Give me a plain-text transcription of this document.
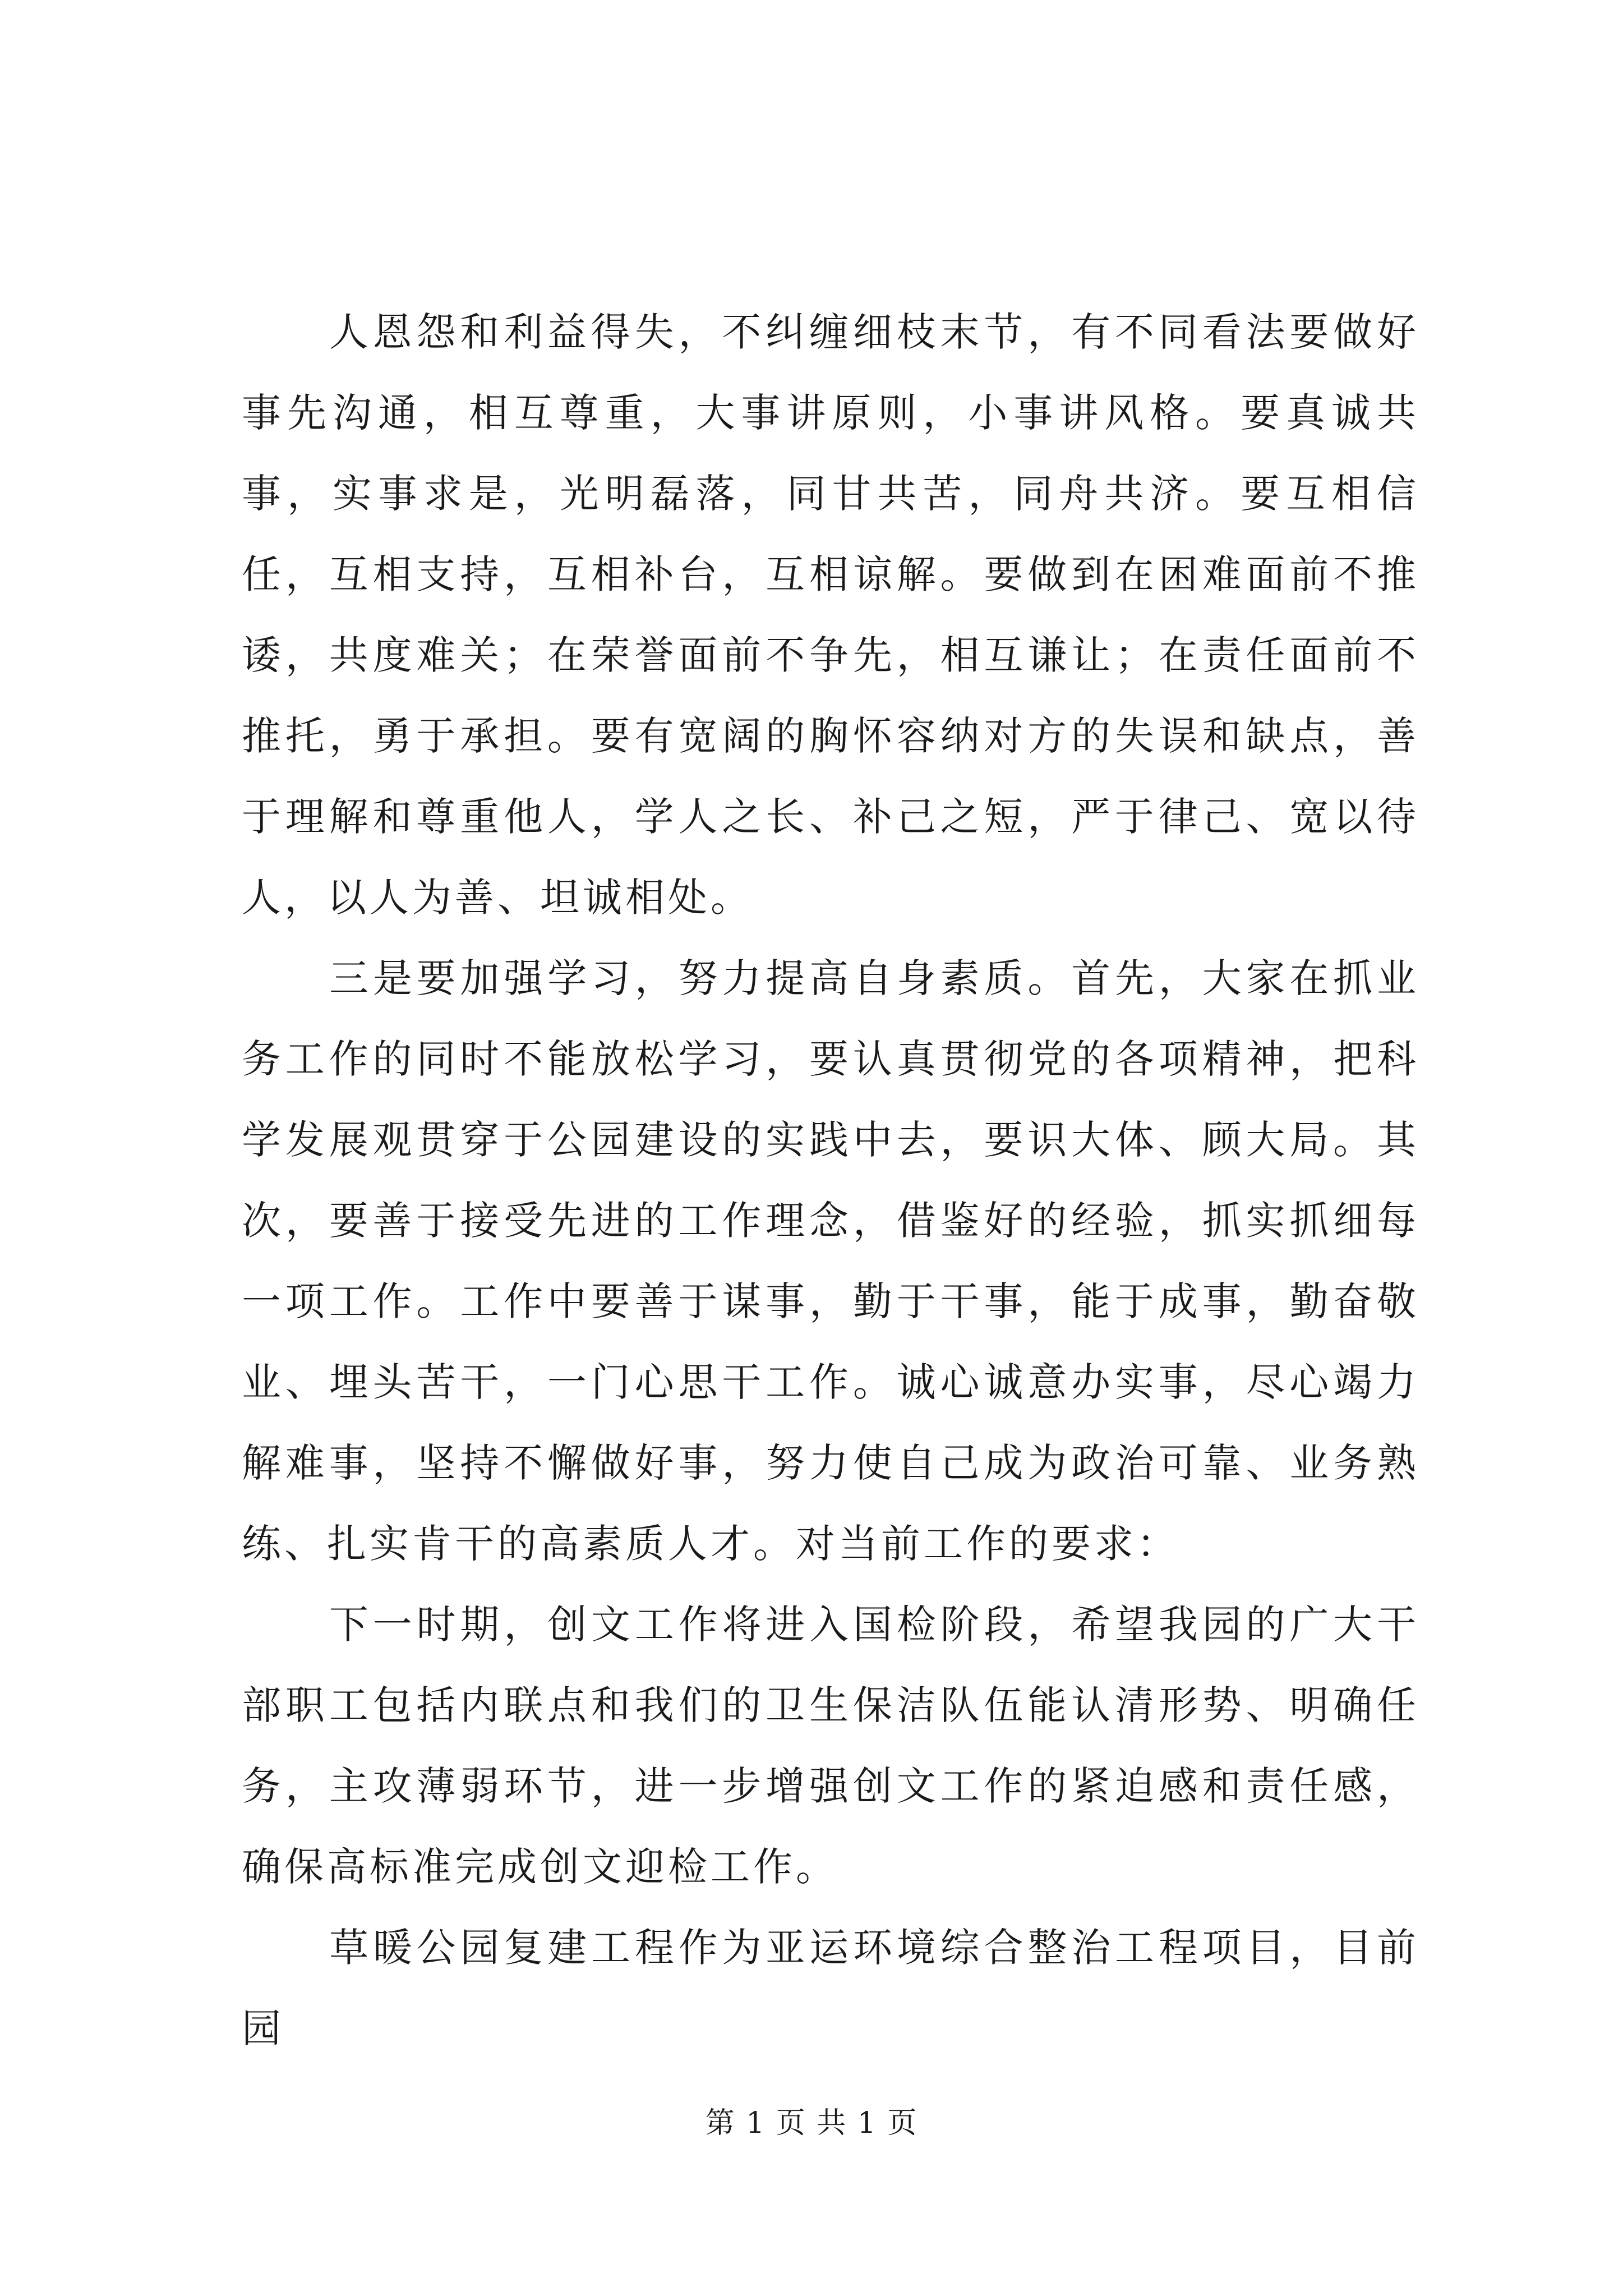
　　人恩怨和利益得失，不纠缠细枝末节，有不同看法要做好事先沟通，相互尊重，大事讲原则，小事讲风格。要真诚共事，实事求是，光明磊落，同甘共苦，同舟共济。要互相信任，互相支持，互相补台，互相谅解。要做到在困难面前不推诿，共度难关；在荣誉面前不争先，相互谦让；在责任面前不推托，勇于承担。要有宽阔的胸怀容纳对方的失误和缺点，善于理解和尊重他人，学人之长、补己之短，严于律己、宽以待人，以人为善、坦诚相处。

三是要加强学习，努力提高自身素质。首先，大家在抓业务工作的同时不能放松学习，要认真贯彻党的各项精神，把科学发展观贯穿于公园建设的实践中去，要识大体、顾大局。其次，要善于接受先进的工作理念，借鉴好的经验，抓实抓细每一项工作。工作中要善于谋事，勤于干事，能于成事，勤奋敬业、埋头苦干，一门心思干工作。诚心诚意办实事，尽心竭力解难事，坚持不懈做好事，努力使自己成为政治可靠、业务熟练、扎实肯干的高素质人才。对当前工作的要求：

下一时期，创文工作将进入国检阶段，希望我园的广大干部职工包括内联点和我们的卫生保洁队伍能认清形势、明确任务，主攻薄弱环节，进一步增强创文工作的紧迫感和责任感，确保高标准完成创文迎检工作。

草暖公园复建工程作为亚运环境综合整治工程项目，目前园

第 1 页 共 1 页
